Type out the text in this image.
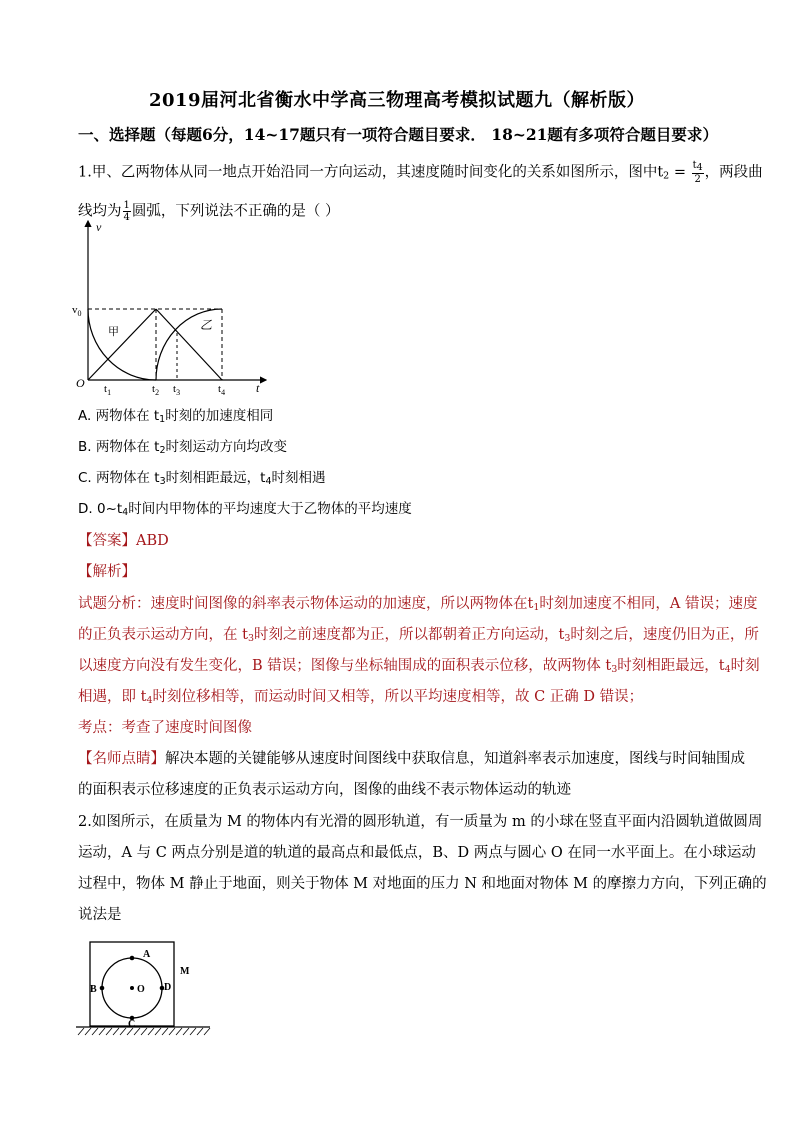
2019届河北省衡水中学高三物理高考模拟试题九（解析版）
一、选择题（每题6分，14~17题只有一项符合题目要求． 18~21题有多项符合题目要求）
1.甲、乙两物体从同一地点开始沿同一方向运动，其速度随时间变化的关系如图所示，图中$t_2 = \frac{t4}{2}$ ，两段曲
线均为 $\frac{1}{4}$ 圆弧，下列说法不正确的是（ ）
v
$v_0$
O	t
$t_1$	$t_2$ $t_3$	$t_4$
甲	乙
A. 两物体在 $t_1$时刻的加速度相同
B. 两物体在 $t_2$时刻运动方向均改变
C. 两物体在 $t_3$时刻相距最远，$t_4$时刻相遇
D. $0\sim t_4$时间内甲物体的平均速度大于乙物体的平均速度
【答案】ABD
【解析】
试题分析：速度时间图像的斜率表示物体运动的加速度，所以两物体在$t_1$时刻加速度不相同，A 错误；速度
的正负表示运动方向，在 $t_3$时刻之前速度都为正，所以都朝着正方向运动，$t_3$时刻之后，速度仍旧为正，所
以速度方向没有发生变化，B 错误；图像与坐标轴围成的面积表示位移，故两物体 $t_3$时刻相距最远，$t_4$时刻
相遇，即 $t_4$时刻位移相等，而运动时间又相等，所以平均速度相等，故 C 正确 D 错误；
考点：考查了速度时间图像
【名师点睛】解决本题的关键能够从速度时间图线中获取信息，知道斜率表示加速度，图线与时间轴围成
的面积表示位移速度的正负表示运动方向，图像的曲线不表示物体运动的轨迹
2.如图所示，在质量为 M 的物体内有光滑的圆形轨道，有一质量为 m 的小球在竖直平面内沿圆轨道做圆周
运动，A 与 C 两点分别是道的轨道的最高点和最低点，B、D 两点与圆心 O 在同一水平面上。在小球运动
过程中，物体 M 静止于地面，则关于物体 M 对地面的压力 N 和地面对物体 M 的摩擦力方向，下列正确的
说法是
A
B
C
D
O
M
